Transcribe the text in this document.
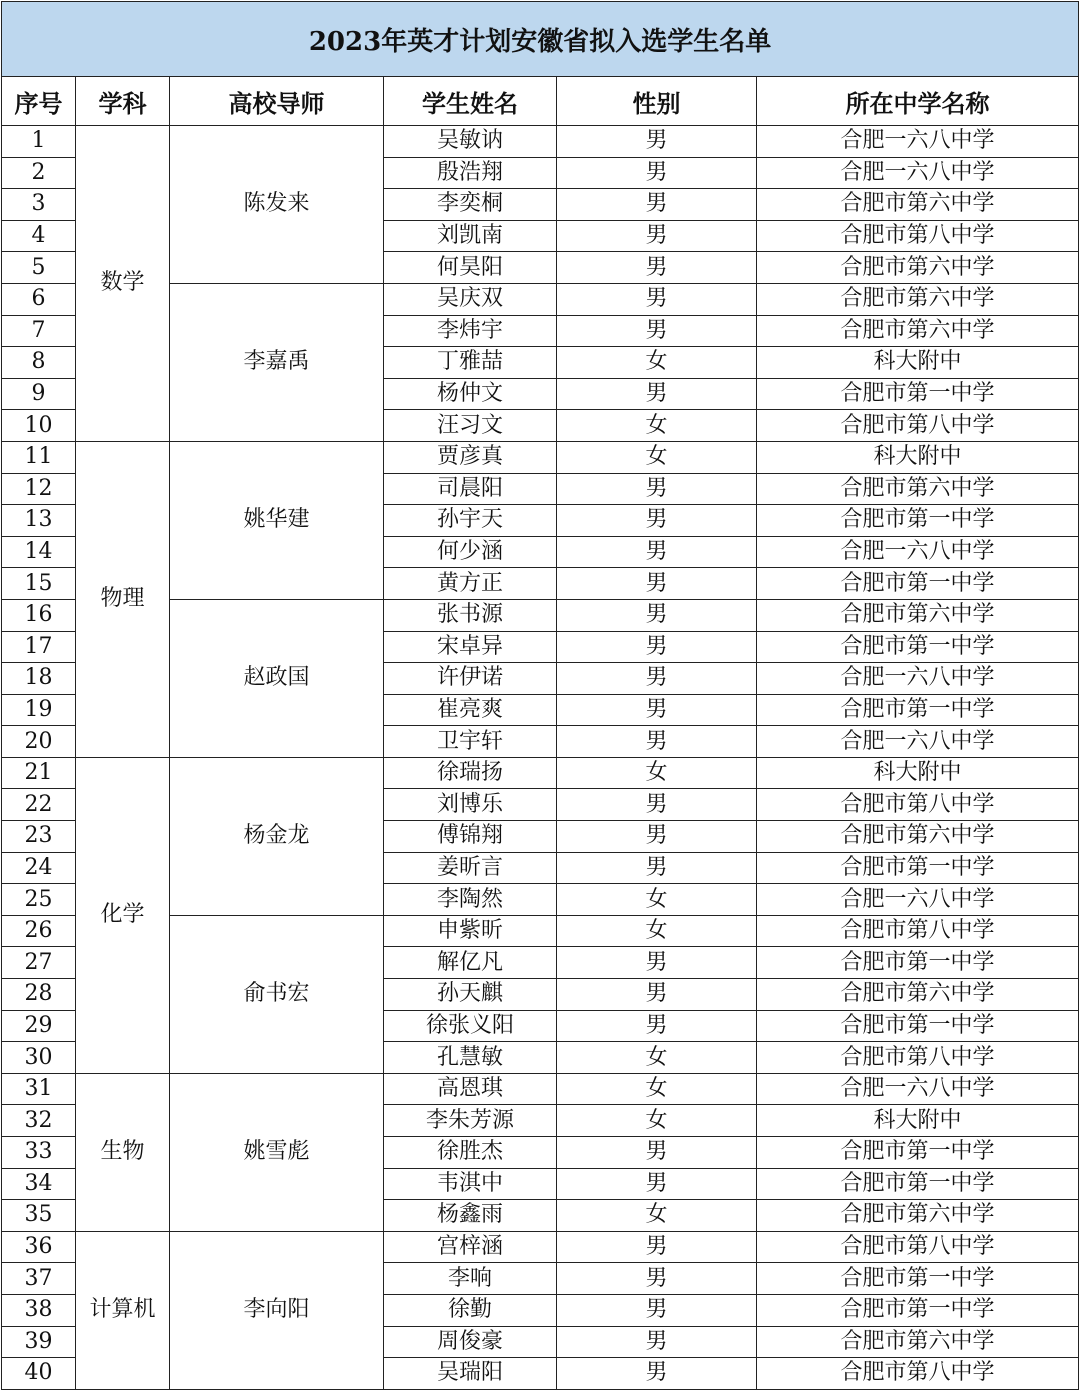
2023年英才计划安徽省拟入选学生名单					
序号	学科	高校导师	学生姓名	性别	所在中学名称
1	数学	陈发来	吴敏讷	男	合肥一六八中学
2			殷浩翔	男	合肥一六八中学
3			李奕桐	男	合肥市第六中学
4			刘凯南	男	合肥市第八中学
5			何昊阳	男	合肥市第六中学
6		李嘉禹	吴庆双	男	合肥市第六中学
7			李炜宇	男	合肥市第六中学
8			丁雅喆	女	科大附中
9			杨仲文	男	合肥市第一中学
10			汪习文	女	合肥市第八中学
11	物理	姚华建	贾彦真	女	科大附中
12			司晨阳	男	合肥市第六中学
13			孙宇天	男	合肥市第一中学
14			何少涵	男	合肥一六八中学
15			黄方正	男	合肥市第一中学
16		赵政国	张书源	男	合肥市第六中学
17			宋卓异	男	合肥市第一中学
18			许伊诺	男	合肥一六八中学
19			崔亮爽	男	合肥市第一中学
20			卫宇轩	男	合肥一六八中学
21	化学	杨金龙	徐瑞扬	女	科大附中
22			刘博乐	男	合肥市第八中学
23			傅锦翔	男	合肥市第六中学
24			姜昕言	男	合肥市第一中学
25			李陶然	女	合肥一六八中学
26		俞书宏	申紫昕	女	合肥市第八中学
27			解亿凡	男	合肥市第一中学
28			孙天麒	男	合肥市第六中学
29			徐张义阳	男	合肥市第一中学
30			孔慧敏	女	合肥市第八中学
31	生物	姚雪彪	高恩琪	女	合肥一六八中学
32			李朱芳源	女	科大附中
33			徐胜杰	男	合肥市第一中学
34			韦淇中	男	合肥市第一中学
35			杨鑫雨	女	合肥市第六中学
36	计算机	李向阳	宫梓涵	男	合肥市第八中学
37			李响	男	合肥市第一中学
38			徐勤	男	合肥市第一中学
39			周俊豪	男	合肥市第六中学
40			吴瑞阳	男	合肥市第八中学
